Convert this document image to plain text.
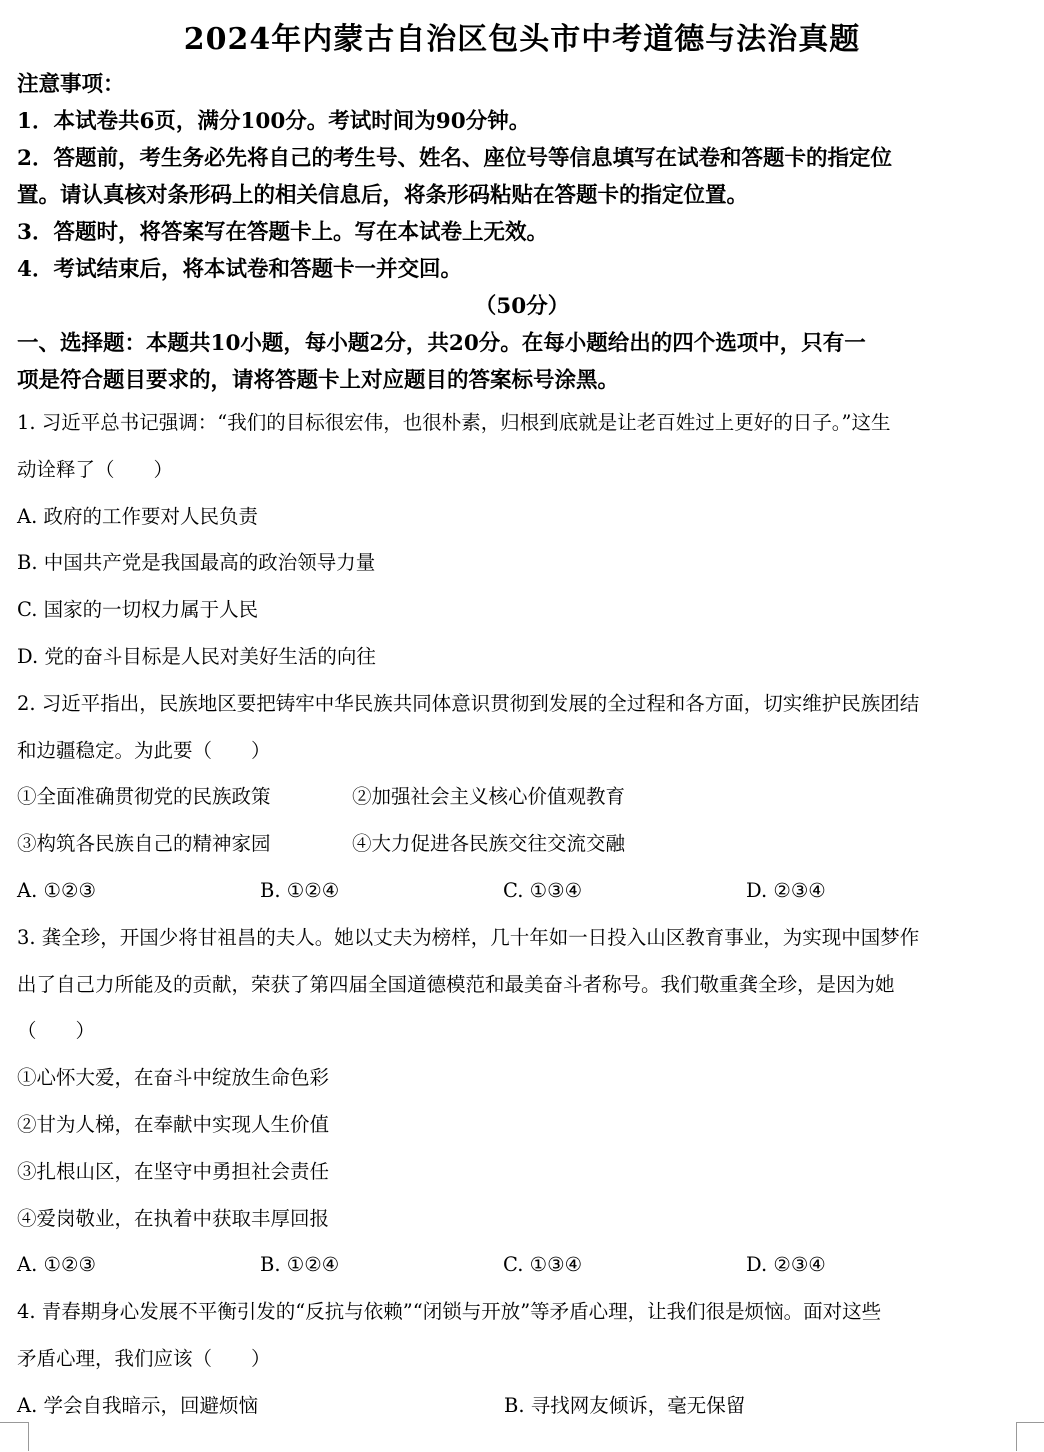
2024年内蒙古自治区包头市中考道德与法治真题
注意事项：
1．本试卷共6页，满分100分。考试时间为90分钟。
2．答题前，考生务必先将自己的考生号、姓名、座位号等信息填写在试卷和答题卡的指定位
置。请认真核对条形码上的相关信息后，将条形码粘贴在答题卡的指定位置。
3．答题时，将答案写在答题卡上。写在本试卷上无效。
4．考试结束后，将本试卷和答题卡一并交回。
（50分）
一、选择题：本题共10小题，每小题2分，共20分。在每小题给出的四个选项中，只有一
项是符合题目要求的，请将答题卡上对应题目的答案标号涂黑。
1. 习近平总书记强调：“我们的目标很宏伟，也很朴素，归根到底就是让老百姓过上更好的日子。”这生
动诠释了（　　）
A. 政府的工作要对人民负责
B. 中国共产党是我国最高的政治领导力量
C. 国家的一切权力属于人民
D. 党的奋斗目标是人民对美好生活的向往
2. 习近平指出，民族地区要把铸牢中华民族共同体意识贯彻到发展的全过程和各方面，切实维护民族团结
和边疆稳定。为此要（　　）
①全面准确贯彻党的民族政策	②加强社会主义核心价值观教育
③构筑各民族自己的精神家园	④大力促进各民族交往交流交融
A. ①②③	B. ①②④	C. ①③④	D. ②③④
3. 龚全珍，开国少将甘祖昌的夫人。她以丈夫为榜样，几十年如一日投入山区教育事业，为实现中国梦作
出了自己力所能及的贡献，荣获了第四届全国道德模范和最美奋斗者称号。我们敬重龚全珍，是因为她
（　　）
①心怀大爱，在奋斗中绽放生命色彩
②甘为人梯，在奉献中实现人生价值
③扎根山区，在坚守中勇担社会责任
④爱岗敬业，在执着中获取丰厚回报
A. ①②③	B. ①②④	C. ①③④	D. ②③④
4. 青春期身心发展不平衡引发的“反抗与依赖”“闭锁与开放”等矛盾心理，让我们很是烦恼。面对这些
矛盾心理，我们应该（　　）
A. 学会自我暗示，回避烦恼	B. 寻找网友倾诉，毫无保留
